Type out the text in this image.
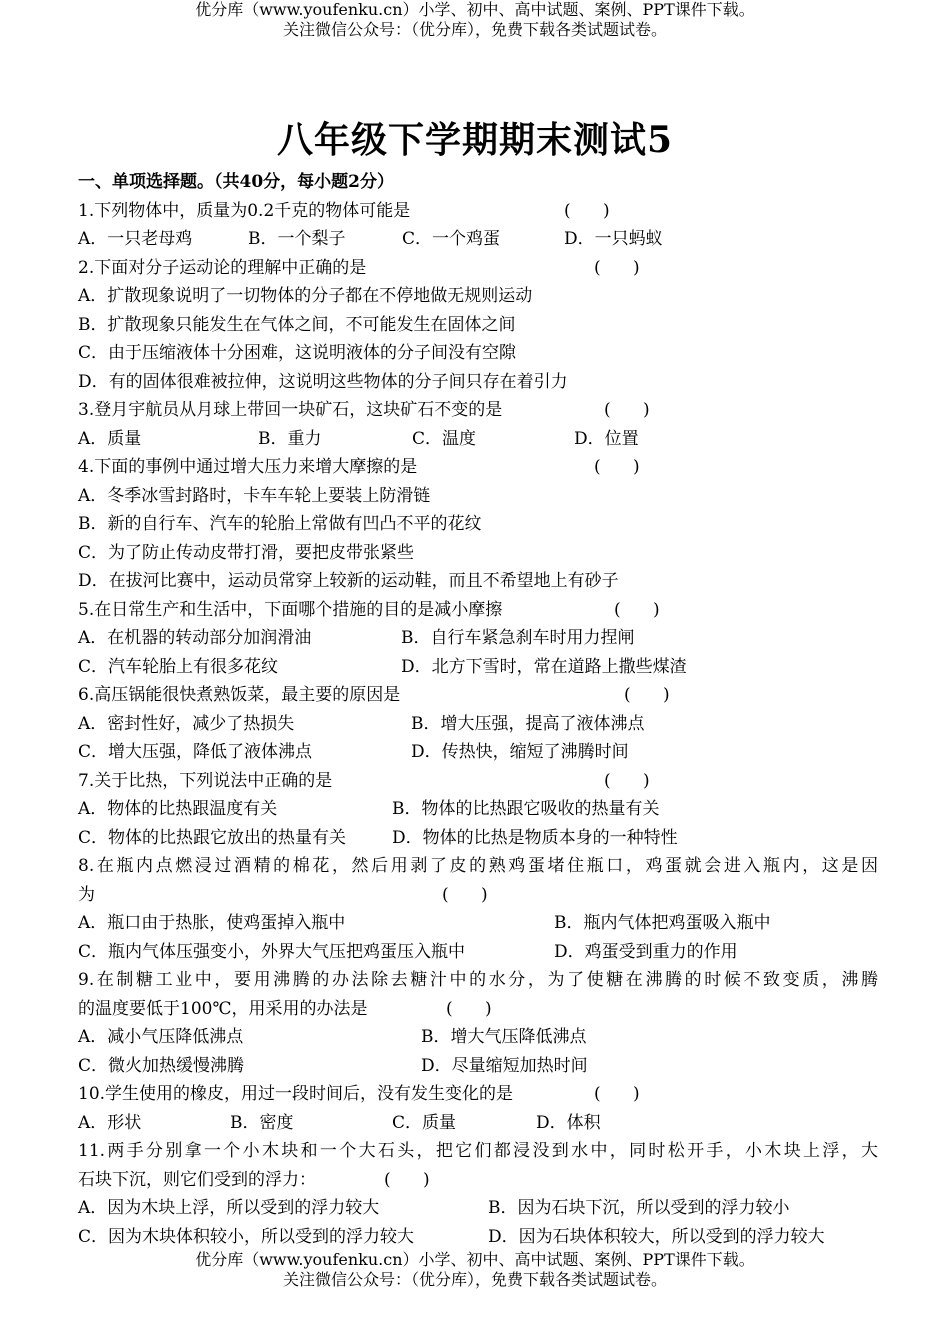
优分库（www.youfenku.cn）小学、初中、高中试题、案例、PPT课件下载。
关注微信公众号：（优分库），免费下载各类试题试卷。
八年级下学期期末测试5
一、单项选择题。（共40分，每小题2分）
1.下列物体中，质量为0.2千克的物体可能是	(      )
A．一只老母鸡	B．一个梨子	C．一个鸡蛋	D．一只蚂蚁
2.下面对分子运动论的理解中正确的是	(      )
A．扩散现象说明了一切物体的分子都在不停地做无规则运动
B．扩散现象只能发生在气体之间，不可能发生在固体之间
C．由于压缩液体十分困难，这说明液体的分子间没有空隙
D．有的固体很难被拉伸，这说明这些物体的分子间只存在着引力
3.登月宇航员从月球上带回一块矿石，这块矿石不变的是	(      )
A．质量	B．重力	C．温度	D．位置
4.下面的事例中通过增大压力来增大摩擦的是	(      )
A．冬季冰雪封路时，卡车车轮上要装上防滑链
B．新的自行车、汽车的轮胎上常做有凹凸不平的花纹
C．为了防止传动皮带打滑，要把皮带张紧些
D．在拔河比赛中，运动员常穿上较新的运动鞋，而且不希望地上有砂子
5.在日常生产和生活中，下面哪个措施的目的是减小摩擦	(      )
A．在机器的转动部分加润滑油	B．自行车紧急刹车时用力捏闸
C．汽车轮胎上有很多花纹	D．北方下雪时，常在道路上撒些煤渣
6.高压锅能很快煮熟饭菜，最主要的原因是	(      )
A．密封性好，减少了热损失	B．增大压强，提高了液体沸点
C．增大压强，降低了液体沸点	D．传热快，缩短了沸腾时间
7.关于比热，下列说法中正确的是	(      )
A．物体的比热跟温度有关	B．物体的比热跟它吸收的热量有关
C．物体的比热跟它放出的热量有关	D．物体的比热是物质本身的一种特性
8.在瓶内点燃浸过酒精的棉花，然后用剥了皮的熟鸡蛋堵住瓶口，鸡蛋就会进入瓶内，这是因
为	(      )
A．瓶口由于热胀，使鸡蛋掉入瓶中	B．瓶内气体把鸡蛋吸入瓶中
C．瓶内气体压强变小，外界大气压把鸡蛋压入瓶中	D．鸡蛋受到重力的作用
9.在制糖工业中，要用沸腾的办法除去糖汁中的水分，为了使糖在沸腾的时候不致变质，沸腾
的温度要低于100℃，用采用的办法是	(      )
A．减小气压降低沸点	B．增大气压降低沸点
C．微火加热缓慢沸腾	D．尽量缩短加热时间
10.学生使用的橡皮，用过一段时间后，没有发生变化的是	(      )
A．形状	B．密度	C．质量	D．体积
11.两手分别拿一个小木块和一个大石头，把它们都浸没到水中，同时松开手，小木块上浮，大
石块下沉，则它们受到的浮力：	(      )
A．因为木块上浮，所以受到的浮力较大	B．因为石块下沉，所以受到的浮力较小
C．因为木块体积较小，所以受到的浮力较大	D．因为石块体积较大，所以受到的浮力较大
优分库（www.youfenku.cn）小学、初中、高中试题、案例、PPT课件下载。
关注微信公众号：（优分库），免费下载各类试题试卷。
